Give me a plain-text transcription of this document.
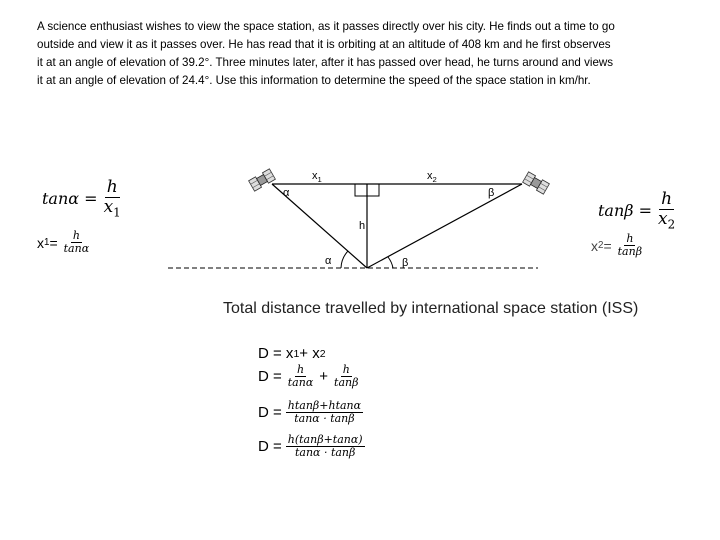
A science enthusiast wishes to view the space station, as it passes directly over his city. He finds out a time to go
outside and view it as it passes over. He has read that it is orbiting at an altitude of 408 km and he first observes
it at an angle of elevation of 39.2°. Three minutes later, after it has passed over head, he turns around and views
it at an angle of elevation of 24.4°. Use this information to determine the speed of the space station in km/hr.

$x_1$	$x_2$
α	β
h
α	β
$\tan\alpha = \frac{h}{x_1}$
x $1 = \frac{h}{\tan\alpha}$
$\tan\beta = \frac{h}{x_2}$
x $2 = \frac{h}{\tan\beta}$
Total distance travelled by international space station (ISS)
D = x 1 + x 2
$D = \frac{h}{\tan\alpha} + \frac{h}{\tan\beta}$
$D = \frac{htan\beta+htan\alpha}{\tan\alpha \cdot \tan\beta}$
$D = \frac{h(\tan\beta+\tan\alpha)}{\tan\alpha \cdot \tan\beta}$
